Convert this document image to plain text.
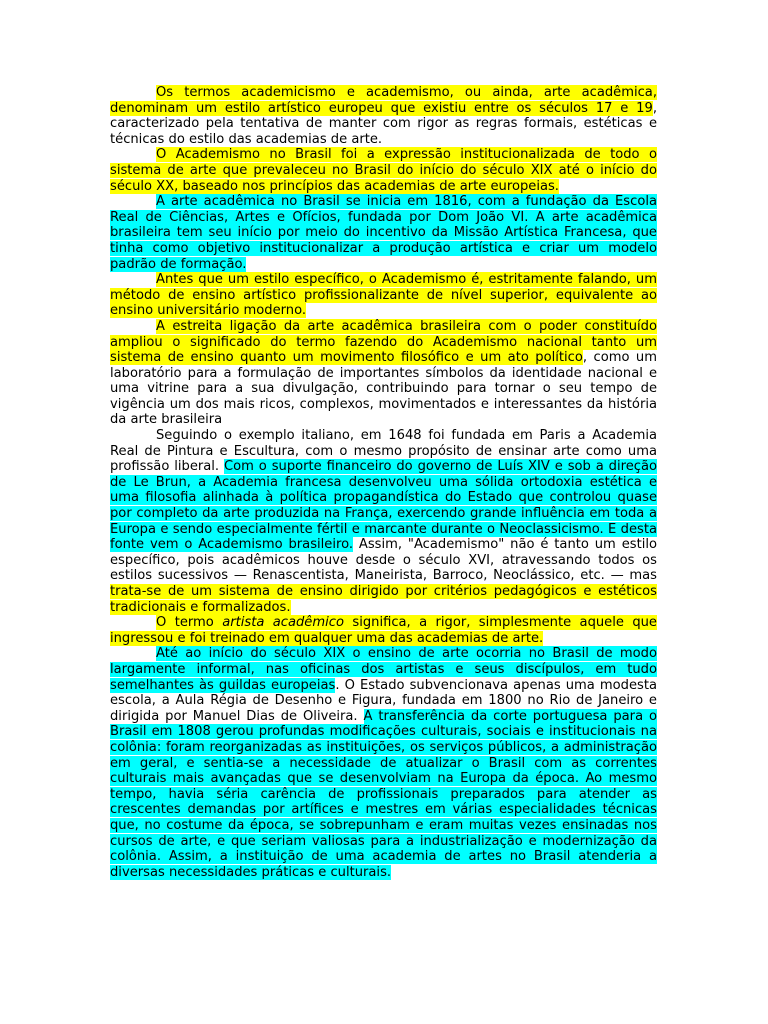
Os termos academicismo e academismo, ou ainda, arte acadêmica, denominam um estilo artístico europeu que existiu entre os séculos 17 e 19, caracterizado pela tentativa de manter com rigor as regras formais, estéticas e técnicas do estilo das academias de arte.

O Academismo no Brasil foi a expressão institucionalizada de todo o sistema de arte que prevaleceu no Brasil do início do século XIX até o início do século XX, baseado nos princípios das academias de arte europeias.

A arte acadêmica no Brasil se inicia em 1816, com a fundação da Escola Real de Ciências, Artes e Ofícios, fundada por Dom João VI. A arte acadêmica brasileira tem seu início por meio do incentivo da Missão Artística Francesa, que tinha como objetivo institucionalizar a produção artística e criar um modelo padrão de formação.

Antes que um estilo específico, o Academismo é, estritamente falando, um método de ensino artístico profissionalizante de nível superior, equivalente ao ensino universitário moderno.

A estreita ligação da arte acadêmica brasileira com o poder constituído ampliou o significado do termo fazendo do Academismo nacional tanto um sistema de ensino quanto um movimento filosófico e um ato político, como um laboratório para a formulação de importantes símbolos da identidade nacional e uma vitrine para a sua divulgação, contribuindo para tornar o seu tempo de vigência um dos mais ricos, complexos, movimentados e interessantes da história da arte brasileira

Seguindo o exemplo italiano, em 1648 foi fundada em Paris a Academia Real de Pintura e Escultura, com o mesmo propósito de ensinar arte como uma profissão liberal. Com o suporte financeiro do governo de Luís XIV e sob a direção de Le Brun, a Academia francesa desenvolveu uma sólida ortodoxia estética e uma filosofia alinhada à política propagandística do Estado que controlou quase por completo da arte produzida na França, exercendo grande influência em toda a Europa e sendo especialmente fértil e marcante durante o Neoclassicismo. E desta fonte vem o Academismo brasileiro. Assim, "Academismo" não é tanto um estilo específico, pois acadêmicos houve desde o século XVI, atravessando todos os estilos sucessivos — Renascentista, Maneirista, Barroco, Neoclássico, etc. — mas trata-se de um sistema de ensino dirigido por critérios pedagógicos e estéticos tradicionais e formalizados.

O termo artista acadêmico significa, a rigor, simplesmente aquele que ingressou e foi treinado em qualquer uma das academias de arte.

Até ao início do século XIX o ensino de arte ocorria no Brasil de modo largamente informal, nas oficinas dos artistas e seus discípulos, em tudo semelhantes às guildas europeias. O Estado subvencionava apenas uma modesta escola, a Aula Régia de Desenho e Figura, fundada em 1800 no Rio de Janeiro e dirigida por Manuel Dias de Oliveira. A transferência da corte portuguesa para o Brasil em 1808 gerou profundas modificações culturais, sociais e institucionais na colônia: foram reorganizadas as instituições, os serviços públicos, a administração em geral, e sentia-se a necessidade de atualizar o Brasil com as correntes culturais mais avançadas que se desenvolviam na Europa da época. Ao mesmo tempo, havia séria carência de profissionais preparados para atender as crescentes demandas por artífices e mestres em várias especialidades técnicas que, no costume da época, se sobrepunham e eram muitas vezes ensinadas nos cursos de arte, e que seriam valiosas para a industrialização e modernização da colônia. Assim, a instituição de uma academia de artes no Brasil atenderia a diversas necessidades práticas e culturais.
